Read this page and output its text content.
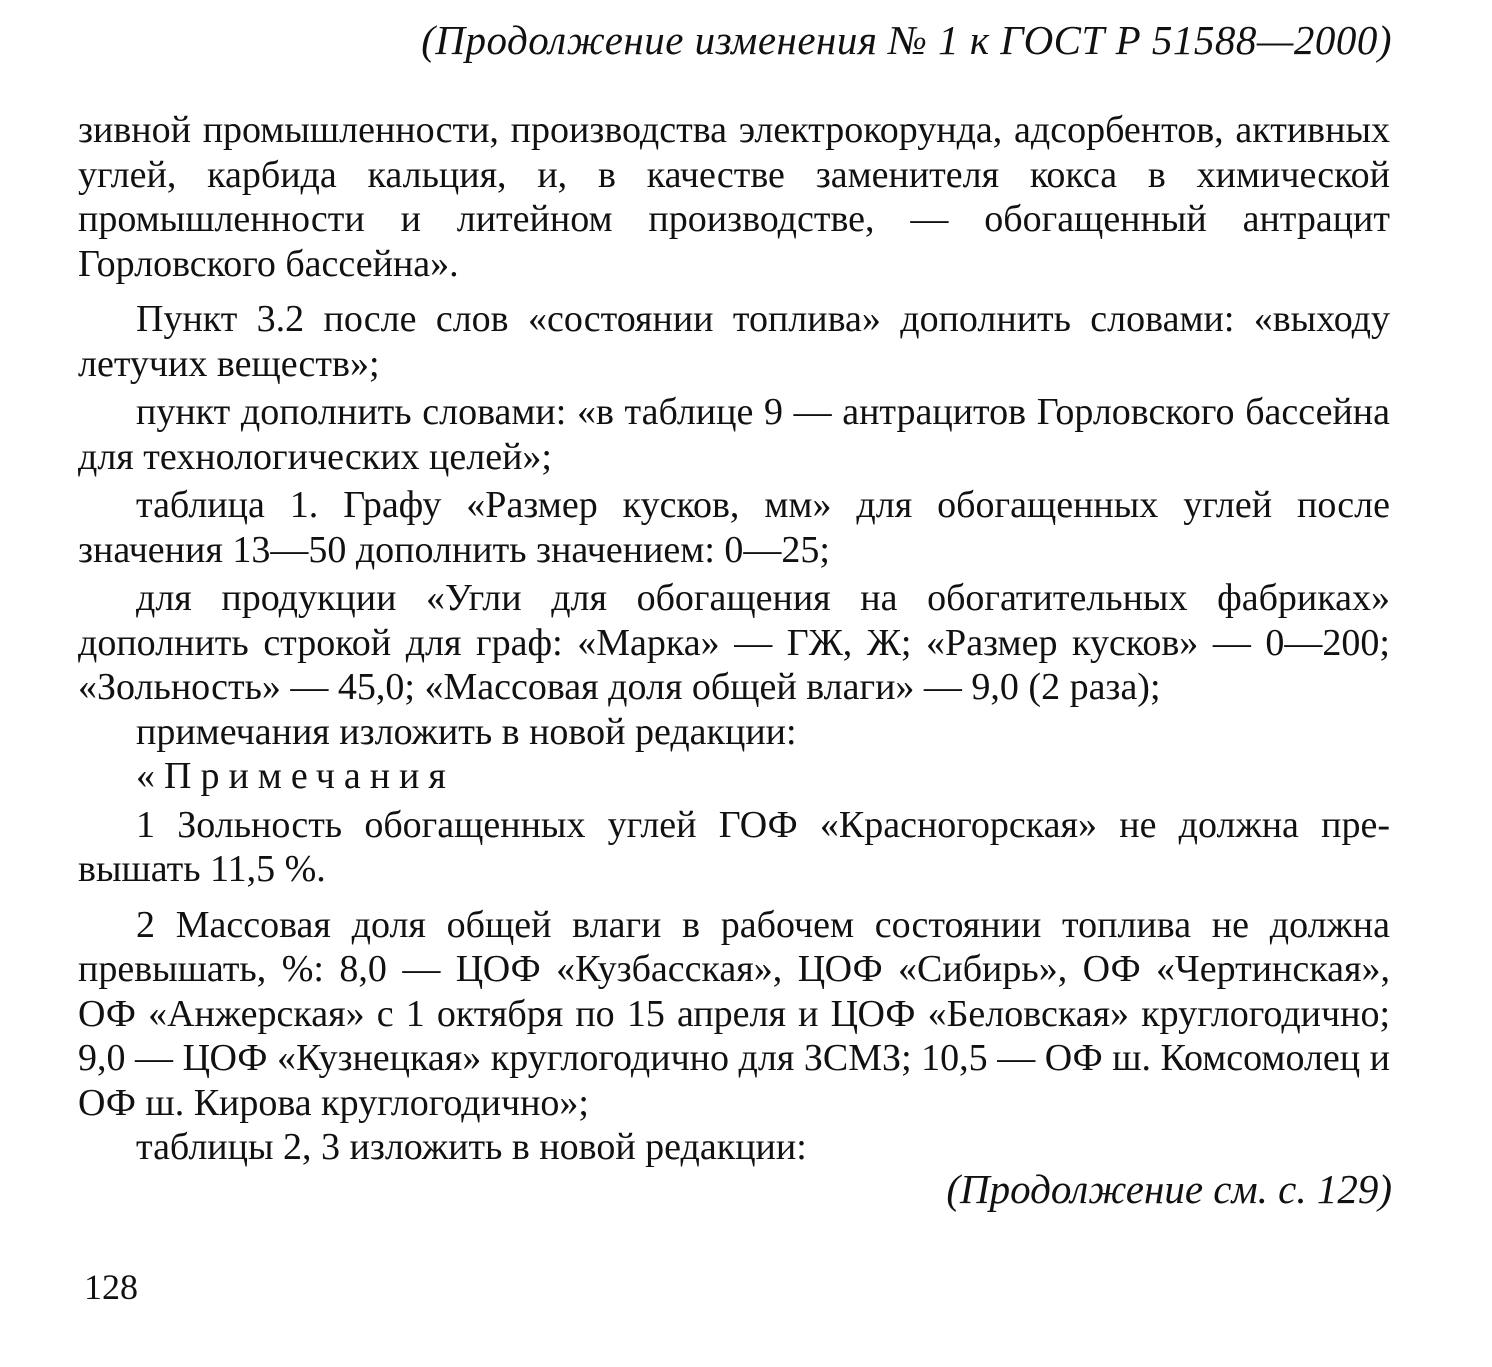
(Продолжение изменения № 1 к ГОСТ Р 51588—2000)

зивной промышленности, производства электрокорунда, адсорбентов, активных углей, карбида кальция, и, в качестве заменителя кокса в химической промышленности и литейном производстве, — обогащенный антрацит Горловского бассейна».

Пункт 3.2 после слов «состоянии топлива» дополнить словами: «выходу летучих веществ»;

пункт дополнить словами: «в таблице 9 — антрацитов Горловского бассейна для технологических целей»;

таблица 1. Графу «Размер кусков, мм» для обогащенных углей после значения 13—50 дополнить значением: 0—25;

для продукции «Угли для обогащения на обогатительных фабриках» дополнить строкой для граф: «Марка» — ГЖ, Ж; «Размер кусков» — 0—200; «Зольность» — 45,0; «Массовая доля общей влаги» — 9,0 (2 раза);

примечания изложить в новой редакции:

«Примечания

1 Зольность обогащенных углей ГОФ «Красногорская» не должна превышать 11,5 %.

2 Массовая доля общей влаги в рабочем состоянии топлива не должна превышать, %: 8,0 — ЦОФ «Кузбасская», ЦОФ «Сибирь», ОФ «Чертинская», ОФ «Анжерская» с 1 октября по 15 апреля и ЦОФ «Беловская» круглогодично; 9,0 — ЦОФ «Кузнецкая» круглогодично для ЗСМЗ; 10,5 — ОФ ш. Комсомолец и ОФ ш. Кирова круглогодично»;

таблицы 2, 3 изложить в новой редакции:

(Продолжение см. с. 129)
128
